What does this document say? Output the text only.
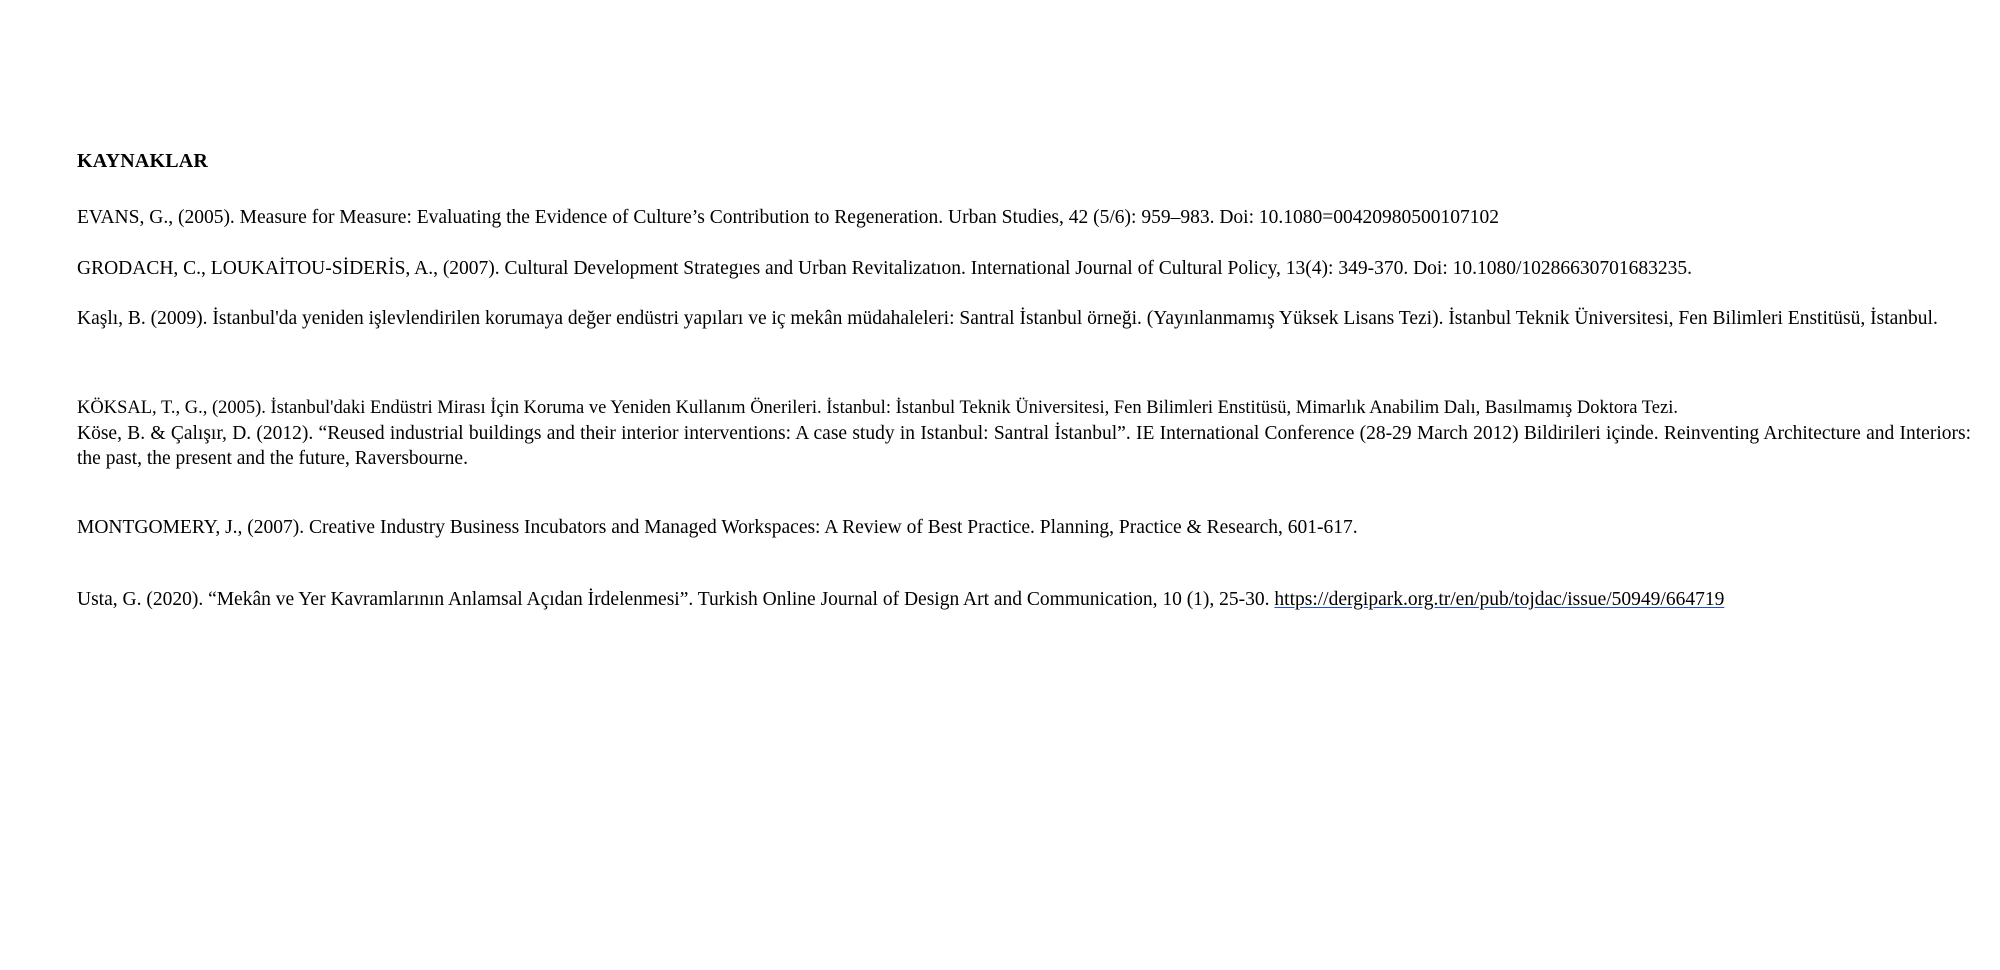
KAYNAKLAR

EVANS, G., (2005). Measure for Measure: Evaluating the Evidence of Culture’s Contribution to Regeneration. Urban Studies, 42 (5/6): 959–983. Doi: 10.1080=00420980500107102

GRODACH, C., LOUKAİTOU-SİDERİS, A., (2007). Cultural Development Strategıes and Urban Revitalizatıon. International Journal of Cultural Policy, 13(4): 349-370. Doi: 10.1080/10286630701683235.

Kaşlı, B. (2009). İstanbul'da yeniden işlevlendirilen korumaya değer endüstri yapıları ve iç mekân müdahaleleri: Santral İstanbul örneği. (Yayınlanmamış Yüksek Lisans Tezi). İstanbul Teknik Üniversitesi, Fen Bilimleri Enstitüsü, İstanbul.

KÖKSAL, T., G., (2005). İstanbul'daki Endüstri Mirası İçin Koruma ve Yeniden Kullanım Önerileri. İstanbul: İstanbul Teknik Üniversitesi, Fen Bilimleri Enstitüsü, Mimarlık Anabilim Dalı, Basılmamış Doktora Tezi.

Köse, B. & Çalışır, D. (2012). “Reused industrial buildings and their interior interventions: A case study in Istanbul: Santral İstanbul”. IE International Conference (28-29 March 2012) Bildirileri içinde. Reinventing Architecture and Interiors: the past, the present and the future, Raversbourne.

MONTGOMERY, J., (2007). Creative Industry Business Incubators and Managed Workspaces: A Review of Best Practice. Planning, Practice & Research, 601-617.

Usta, G. (2020). “Mekân ve Yer Kavramlarının Anlamsal Açıdan İrdelenmesi”. Turkish Online Journal of Design Art and Communication, 10 (1), 25-30. https://dergipark.org.tr/en/pub/tojdac/issue/50949/664719
